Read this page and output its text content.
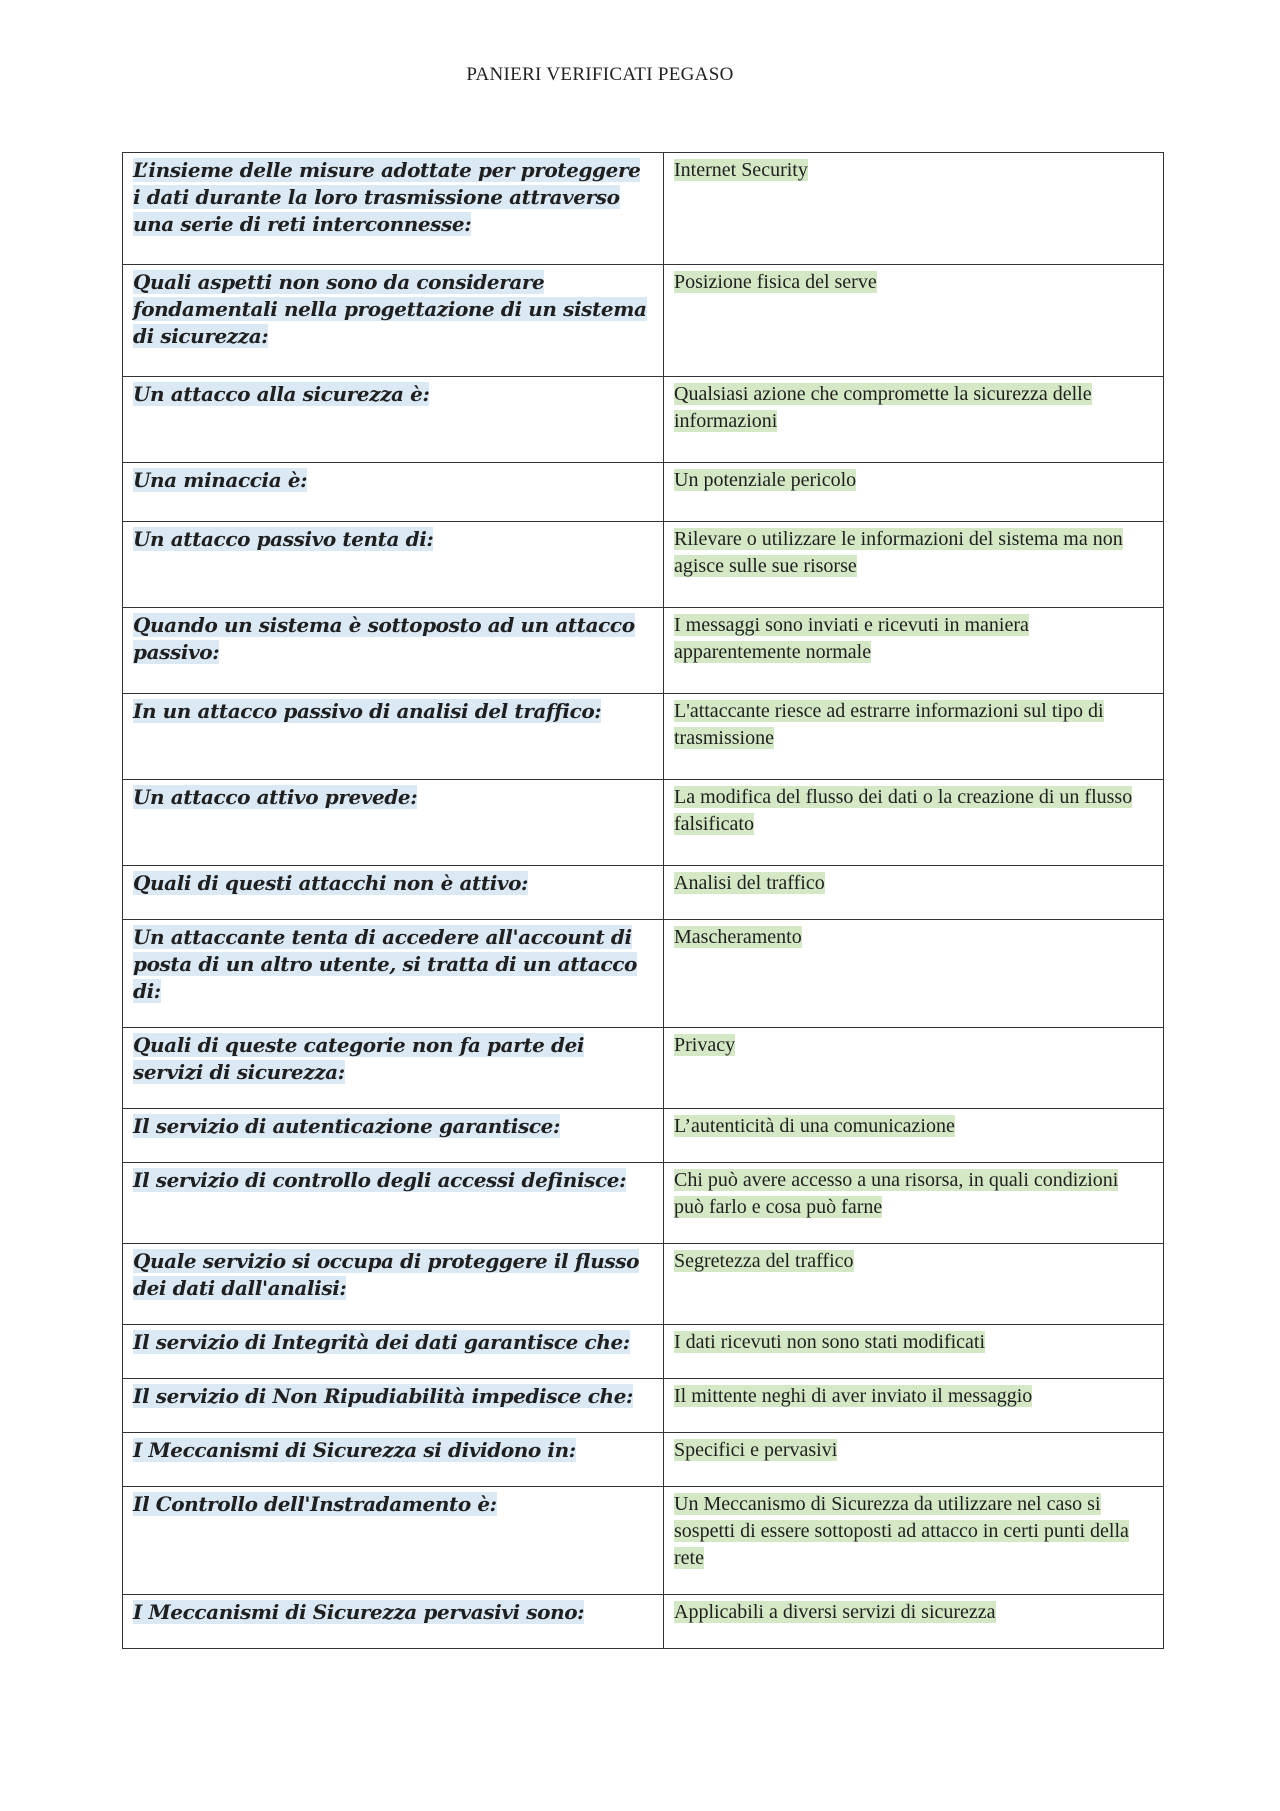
PANIERI VERIFICATI PEGASO
L’insieme delle misure adottate per proteggere i dati durante la loro trasmissione attraverso una serie di reti interconnesse:	Internet Security
Quali aspetti non sono da considerare fondamentali nella progettazione di un sistema di sicurezza:	Posizione fisica del serve
Un attacco alla sicurezza è:	Qualsiasi azione che compromette la sicurezza delle informazioni
Una minaccia è:	Un potenziale pericolo
Un attacco passivo tenta di:	Rilevare o utilizzare le informazioni del sistema ma non agisce sulle sue risorse
Quando un sistema è sottoposto ad un attacco passivo:	I messaggi sono inviati e ricevuti in maniera apparentemente normale
In un attacco passivo di analisi del traffico:	L'attaccante riesce ad estrarre informazioni sul tipo di trasmissione
Un attacco attivo prevede:	La modifica del flusso dei dati o la creazione di un flusso falsificato
Quali di questi attacchi non è attivo:	Analisi del traffico
Un attaccante tenta di accedere all'account di posta di un altro utente, si tratta di un attacco di:	Mascheramento
Quali di queste categorie non fa parte dei servizi di sicurezza:	Privacy
Il servizio di autenticazione garantisce:	L’autenticità di una comunicazione
Il servizio di controllo degli accessi definisce:	Chi può avere accesso a una risorsa, in quali condizioni può farlo e cosa può farne
Quale servizio si occupa di proteggere il flusso dei dati dall'analisi:	Segretezza del traffico
Il servizio di Integrità dei dati garantisce che:	I dati ricevuti non sono stati modificati
Il servizio di Non Ripudiabilità impedisce che:	Il mittente neghi di aver inviato il messaggio
I Meccanismi di Sicurezza si dividono in:	Specifici e pervasivi
Il Controllo dell'Instradamento è:	Un Meccanismo di Sicurezza da utilizzare nel caso si sospetti di essere sottoposti ad attacco in certi punti della rete
I Meccanismi di Sicurezza pervasivi sono:	Applicabili a diversi servizi di sicurezza
